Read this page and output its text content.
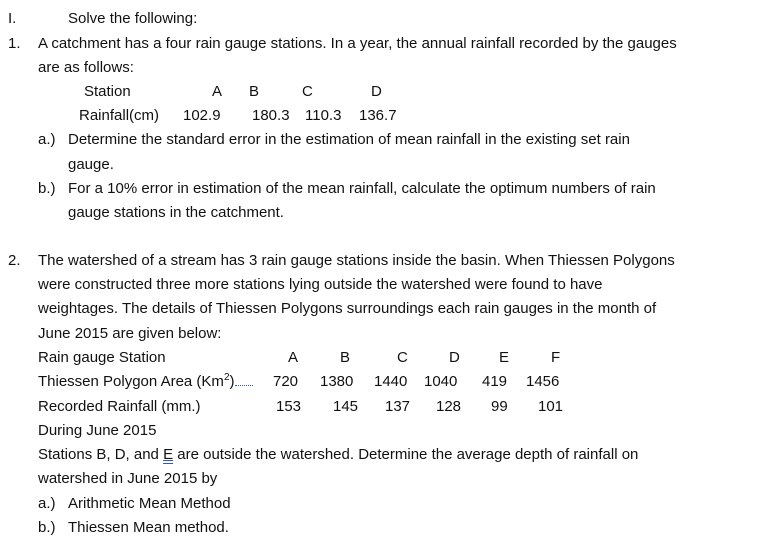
I.	Solve the following:
1. A catchment has a four rain gauge stations. In a year, the annual rainfall recorded by the gauges
are as follows:
Station	A B	C	D
Rainfall(cm) 102.9 180.3 110.3 136.7
a.) Determine the standard error in the estimation of mean rainfall in the existing set rain
gauge.
b.) For a 10% error in estimation of the mean rainfall, calculate the optimum numbers of rain
gauge stations in the catchment.
2. The watershed of a stream has 3 rain gauge stations inside the basin. When Thiessen Polygons
were constructed three more stations lying outside the watershed were found to have
weightages. The details of Thiessen Polygons surroundings each rain gauges in the month of
June 2015 are given below:
Rain gauge Station	A	B	C	D	E	F
Thiessen Polygon Area (Km$^2$)	720 1380 1440 1040 419 1456
Recorded Rainfall (mm.)	153 145 137 128 99 101
During June 2015
Stations B, D, and E are outside the watershed. Determine the average depth of rainfall on
watershed in June 2015 by
a.) Arithmetic Mean Method
b.) Thiessen Mean method.
